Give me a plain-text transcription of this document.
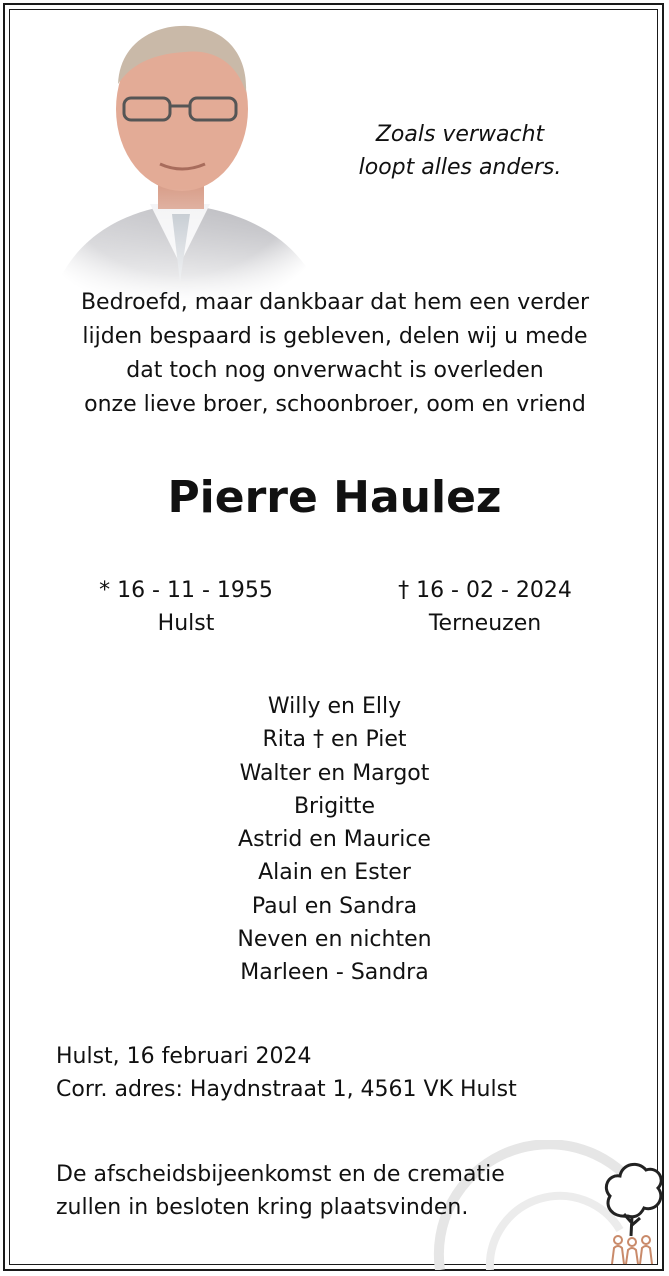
Zoals verwacht
loopt alles anders.
Bedroefd, maar dankbaar dat hem een verder
lijden bespaard is gebleven, delen wij u mede
dat toch nog onverwacht is overleden
onze lieve broer, schoonbroer, oom en vriend
Pierre Haulez
* 16 - 11 - 1955
Hulst
† 16 - 02 - 2024
Terneuzen
Willy en Elly
Rita † en Piet
Walter en Margot
Brigitte
Astrid en Maurice
Alain en Ester
Paul en Sandra
Neven en nichten
Marleen - Sandra
Hulst, 16 februari 2024
Corr. adres: Haydnstraat 1, 4561 VK Hulst
De afscheidsbijeenkomst en de crematie
zullen in besloten kring plaatsvinden.
